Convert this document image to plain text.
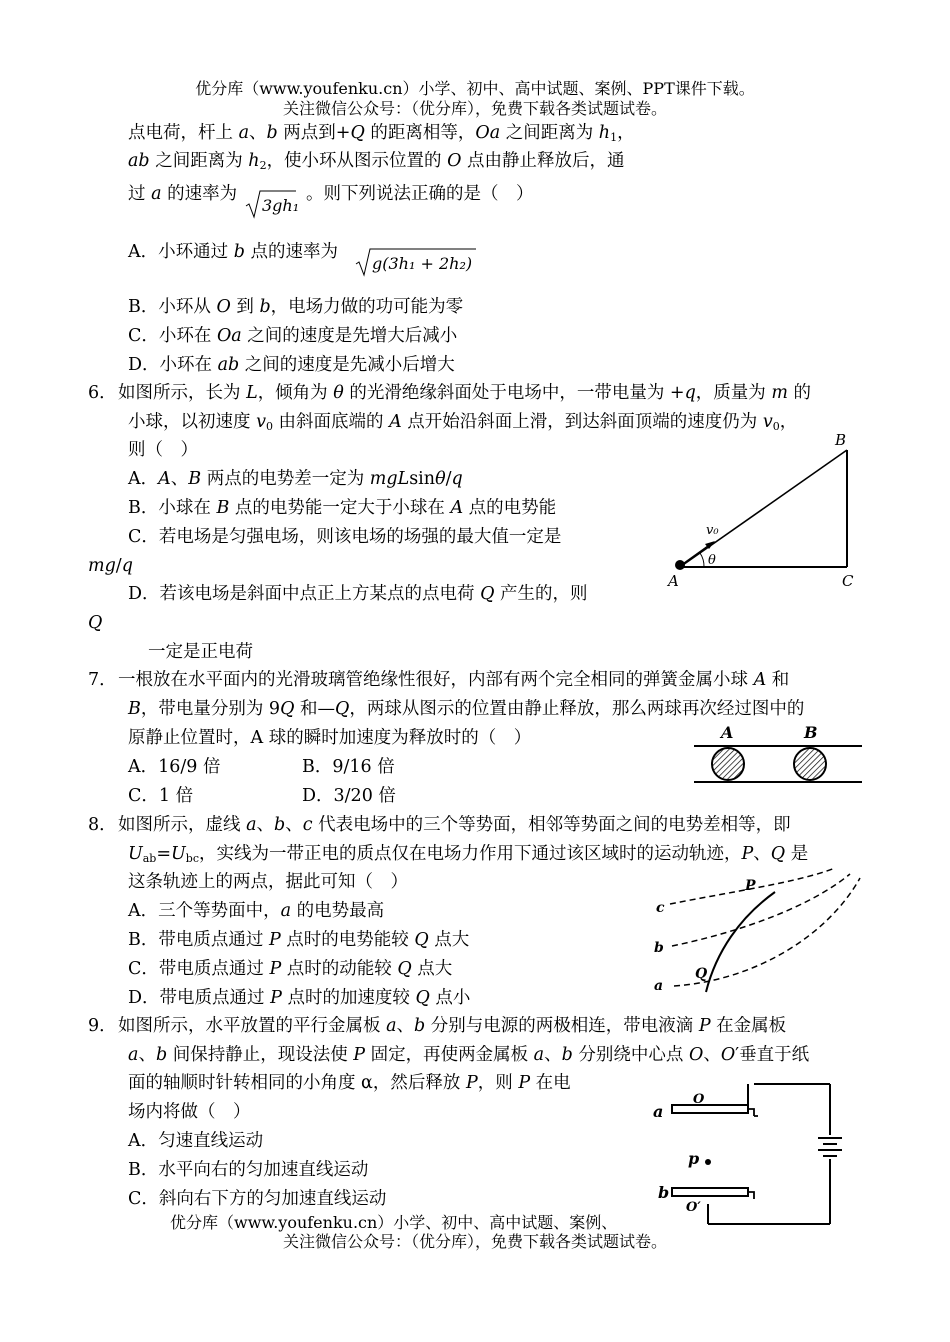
优分库（www.youfenku.cn）小学、初中、高中试题、案例、PPT课件下载。
关注微信公众号：（优分库），免费下载各类试题试卷。
点电荷，杆上 a、b 两点到+Q 的距离相等，Oa 之间距离为 $h_1$，
ab 之间距离为 $h_2$，使小环从图示位置的 O 点由静止释放后，通
过 a 的速率为
3gh₁
。则下列说法正确的是（　）
A．小环通过 b 点的速率为
g(3h₁ + 2h₂)
B．小环从 O 到 b，电场力做的功可能为零
C．小环在 Oa 之间的速度是先增大后减小
D．小环在 ab 之间的速度是先减小后增大
6． 如图所示，长为 L，倾角为 θ 的光滑绝缘斜面处于电场中，一带电量为 +q，质量为 m 的
小球，以初速度 $v_0$ 由斜面底端的 A 点开始沿斜面上滑，到达斜面顶端的速度仍为 $v_0$，
则（　）
A．A、B 两点的电势差一定为 mgLsinθ/q
B．小球在 B 点的电势能一定大于小球在 A 点的电势能
C．若电场是匀强电场，则该电场的场强的最大值一定是
mg/q
D．若该电场是斜面中点正上方某点的点电荷 Q 产生的，则
Q
一定是正电荷
B
A	C
v₀
θ
7． 一根放在水平面内的光滑玻璃管绝缘性很好，内部有两个完全相同的弹簧金属小球 A 和
B，带电量分别为 9Q 和—Q，两球从图示的位置由静止释放，那么两球再次经过图中的
原静止位置时，A 球的瞬时加速度为释放时的（　）
A．16/9 倍	B．9/16 倍
C．1 倍	D．3/20 倍
A	B
8． 如图所示，虚线 a、b、c 代表电场中的三个等势面，相邻等势面之间的电势差相等，即
$U_{ab}=U_{bc}$，实线为一带正电的质点仅在电场力作用下通过该区域时的运动轨迹，P、Q 是
这条轨迹上的两点，据此可知（　）
A．三个等势面中，a 的电势最高
B．带电质点通过 P 点时的电势能较 Q 点大
C．带电质点通过 P 点时的动能较 Q 点大
D．带电质点通过 P 点时的加速度较 Q 点小
c
b
a
P
Q
9． 如图所示，水平放置的平行金属板 a、b 分别与电源的两极相连，带电液滴 P 在金属板
a、b 间保持静止，现设法使 P 固定，再使两金属板 a、b 分别绕中心点 O、O′垂直于纸
面的轴顺时针转相同的小角度 α，然后释放 P，则 P 在电
场内将做（　）
A．匀速直线运动
B．水平向右的匀加速直线运动
C．斜向右下方的匀加速直线运动
a
b
O
O′
p
优分库（www.youfenku.cn）小学、初中、高中试题、案例、
关注微信公众号：（优分库），免费下载各类试题试卷。
